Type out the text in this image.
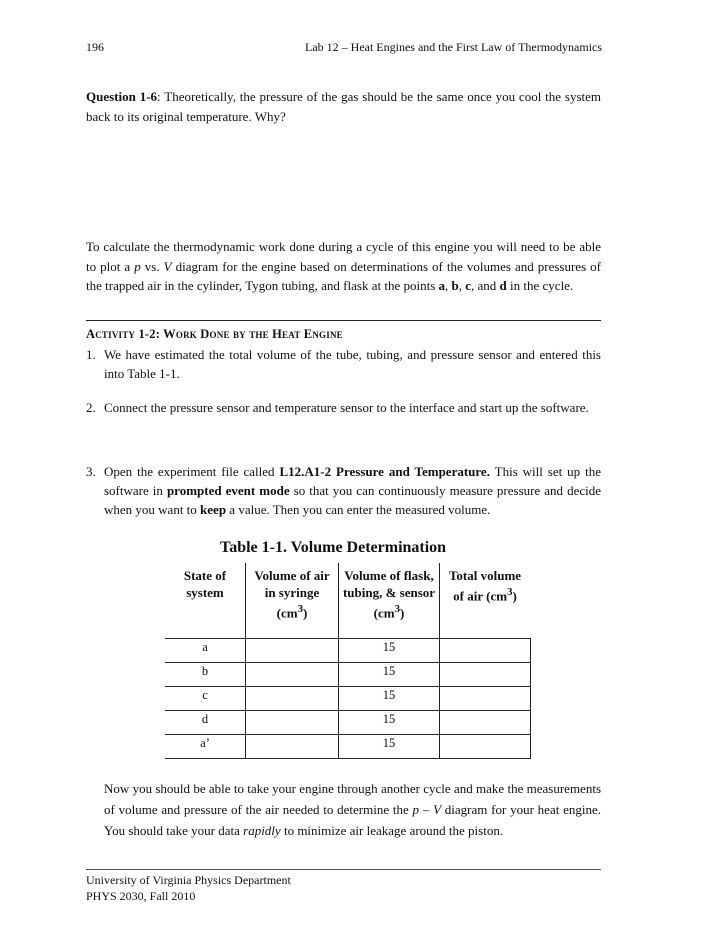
196	Lab 12 – Heat Engines and the First Law of Thermodynamics
Question 1-6: Theoretically, the pressure of the gas should be the same once you cool the system back to its original temperature. Why?
To calculate the thermodynamic work done during a cycle of this engine you will need to be able to plot a p vs. V diagram for the engine based on determinations of the volumes and pressures of the trapped air in the cylinder, Tygon tubing, and flask at the points a, b, c, and d in the cycle.
Activity 1-2: Work Done by the Heat Engine
1. We have estimated the total volume of the tube, tubing, and pressure sensor and entered this into Table 1-1.
2. Connect the pressure sensor and temperature sensor to the interface and start up the software.
3. Open the experiment file called L12.A1-2 Pressure and Temperature. This will set up the software in prompted event mode so that you can continuously measure pressure and decide when you want to keep a value. Then you can enter the measured volume.
Table 1-1. Volume Determination
State of system	Volume of air in syringe $(cm^3)$	Volume of flask, tubing, & sensor $(cm^3)$	Total volume of air $(cm^3)$
a		15	
b		15	
c		15	
d		15	
a’		15	
Now you should be able to take your engine through another cycle and make the measurements of volume and pressure of the air needed to determine the p – V diagram for your heat engine. You should take your data rapidly to minimize air leakage around the piston.
University of Virginia Physics Department
PHYS 2030, Fall 2010
